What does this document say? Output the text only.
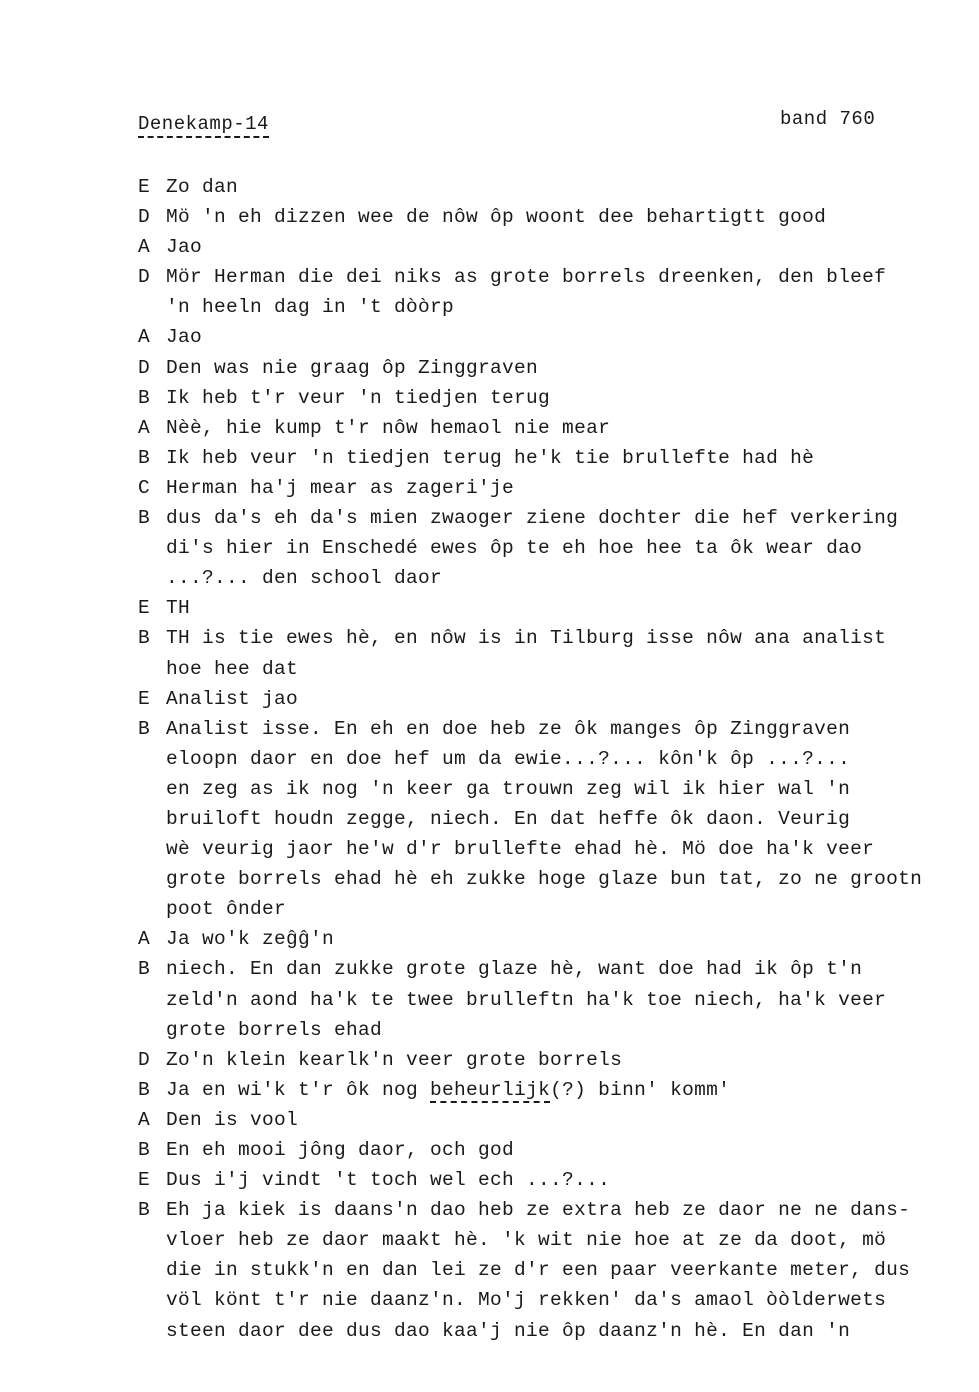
Denekamp-14	band 760
E Zo dan
D Mö 'n eh dizzen wee de nôw ôp woont dee behartigtt good
A Jao
D Mör Herman die dei niks as grote borrels dreenken, den bleef
'n heeln dag in 't dòòrp
A Jao
D Den was nie graag ôp Zinggraven
B Ik heb t'r veur 'n tiedjen terug
A Nèè, hie kump t'r nôw hemaol nie mear
B Ik heb veur 'n tiedjen terug he'k tie brullefte had hè
C Herman ha'j mear as zageri'je
B dus da's eh da's mien zwaoger ziene dochter die hef verkering
di's hier in Enschedé ewes ôp te eh hoe hee ta ôk wear dao
...?... den school daor
E TH
B TH is tie ewes hè, en nôw is in Tilburg isse nôw ana analist
hoe hee dat
E Analist jao
B Analist isse. En eh en doe heb ze ôk manges ôp Zinggraven
eloopn daor en doe hef um da ewie...?... kôn'k ôp ...?...
en zeg as ik nog 'n keer ga trouwn zeg wil ik hier wal 'n
bruiloft houdn zegge, niech. En dat heffe ôk daon. Veurig
wè veurig jaor he'w d'r brullefte ehad hè. Mö doe ha'k veer
grote borrels ehad hè eh zukke hoge glaze bun tat, zo ne grootn
poot ônder
A Ja wo'k zeĝĝ'n
B niech. En dan zukke grote glaze hè, want doe had ik ôp t'n
zeld'n aond ha'k te twee brulleftn ha'k toe niech, ha'k veer
grote borrels ehad
D Zo'n klein kearlk'n veer grote borrels
B Ja en wi'k t'r ôk nog beheurlijk(?) binn' komm'
A Den is vool
B En eh mooi jông daor, och god
E Dus i'j vindt 't toch wel ech ...?...
B Eh ja kiek is daans'n dao heb ze extra heb ze daor ne ne dans-
vloer heb ze daor maakt hè. 'k wit nie hoe at ze da doot, mö
die in stukk'n en dan lei ze d'r een paar veerkante meter, dus
völ könt t'r nie daanz'n. Mo'j rekken' da's amaol òòlderwets
steen daor dee dus dao kaa'j nie ôp daanz'n hè. En dan 'n
